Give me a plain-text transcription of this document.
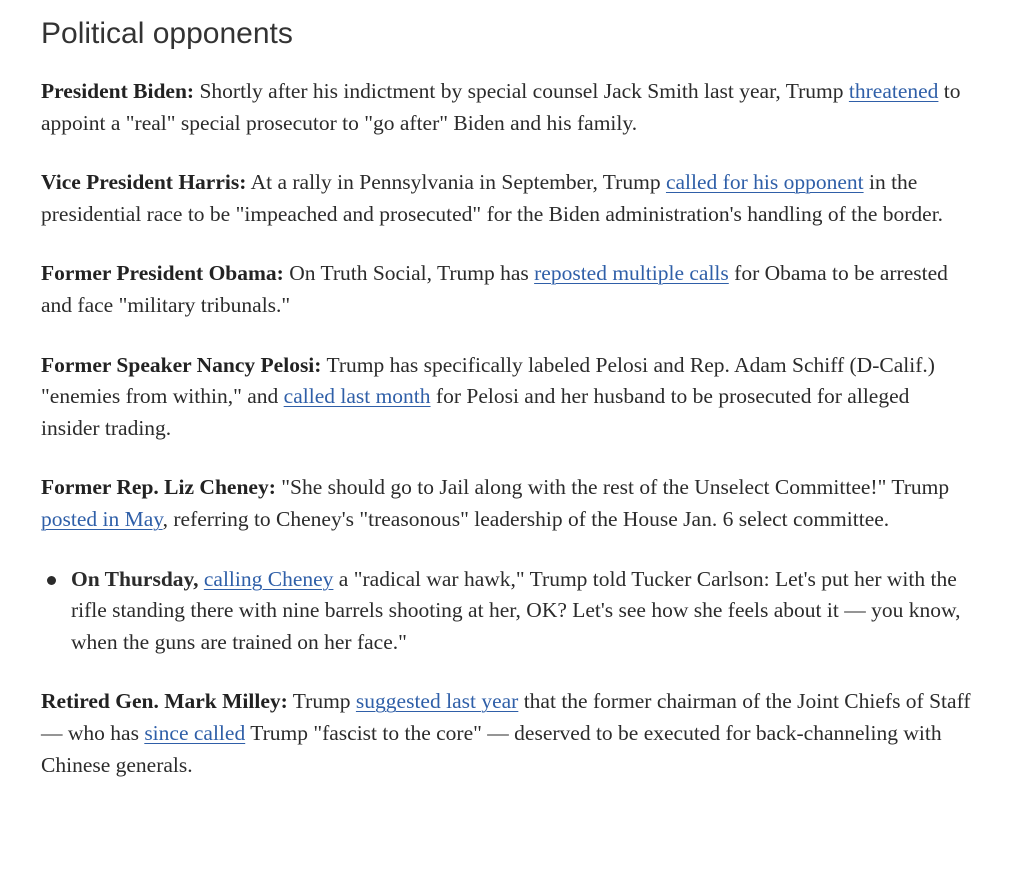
Political opponents

President Biden: Shortly after his indictment by special counsel Jack Smith last year, Trump threatened to appoint a "real" special prosecutor to "go after" Biden and his family.

Vice President Harris: At a rally in Pennsylvania in September, Trump called for his opponent in the presidential race to be "impeached and prosecuted" for the Biden administration's handling of the border.

Former President Obama: On Truth Social, Trump has reposted multiple calls for Obama to be arrested and face "military tribunals."

Former Speaker Nancy Pelosi: Trump has specifically labeled Pelosi and Rep. Adam Schiff (D-Calif.) "enemies from within," and called last month for Pelosi and her husband to be prosecuted for alleged insider trading.

Former Rep. Liz Cheney: "She should go to Jail along with the rest of the Unselect Committee!" Trump posted in May, referring to Cheney's "treasonous" leadership of the House Jan. 6 select committee.

On Thursday, calling Cheney a "radical war hawk," Trump told Tucker Carlson: Let's put her with the rifle standing there with nine barrels shooting at her, OK? Let's see how she feels about it — you know, when the guns are trained on her face."

Retired Gen. Mark Milley: Trump suggested last year that the former chairman of the Joint Chiefs of Staff — who has since called Trump "fascist to the core" — deserved to be executed for back-channeling with Chinese generals.
